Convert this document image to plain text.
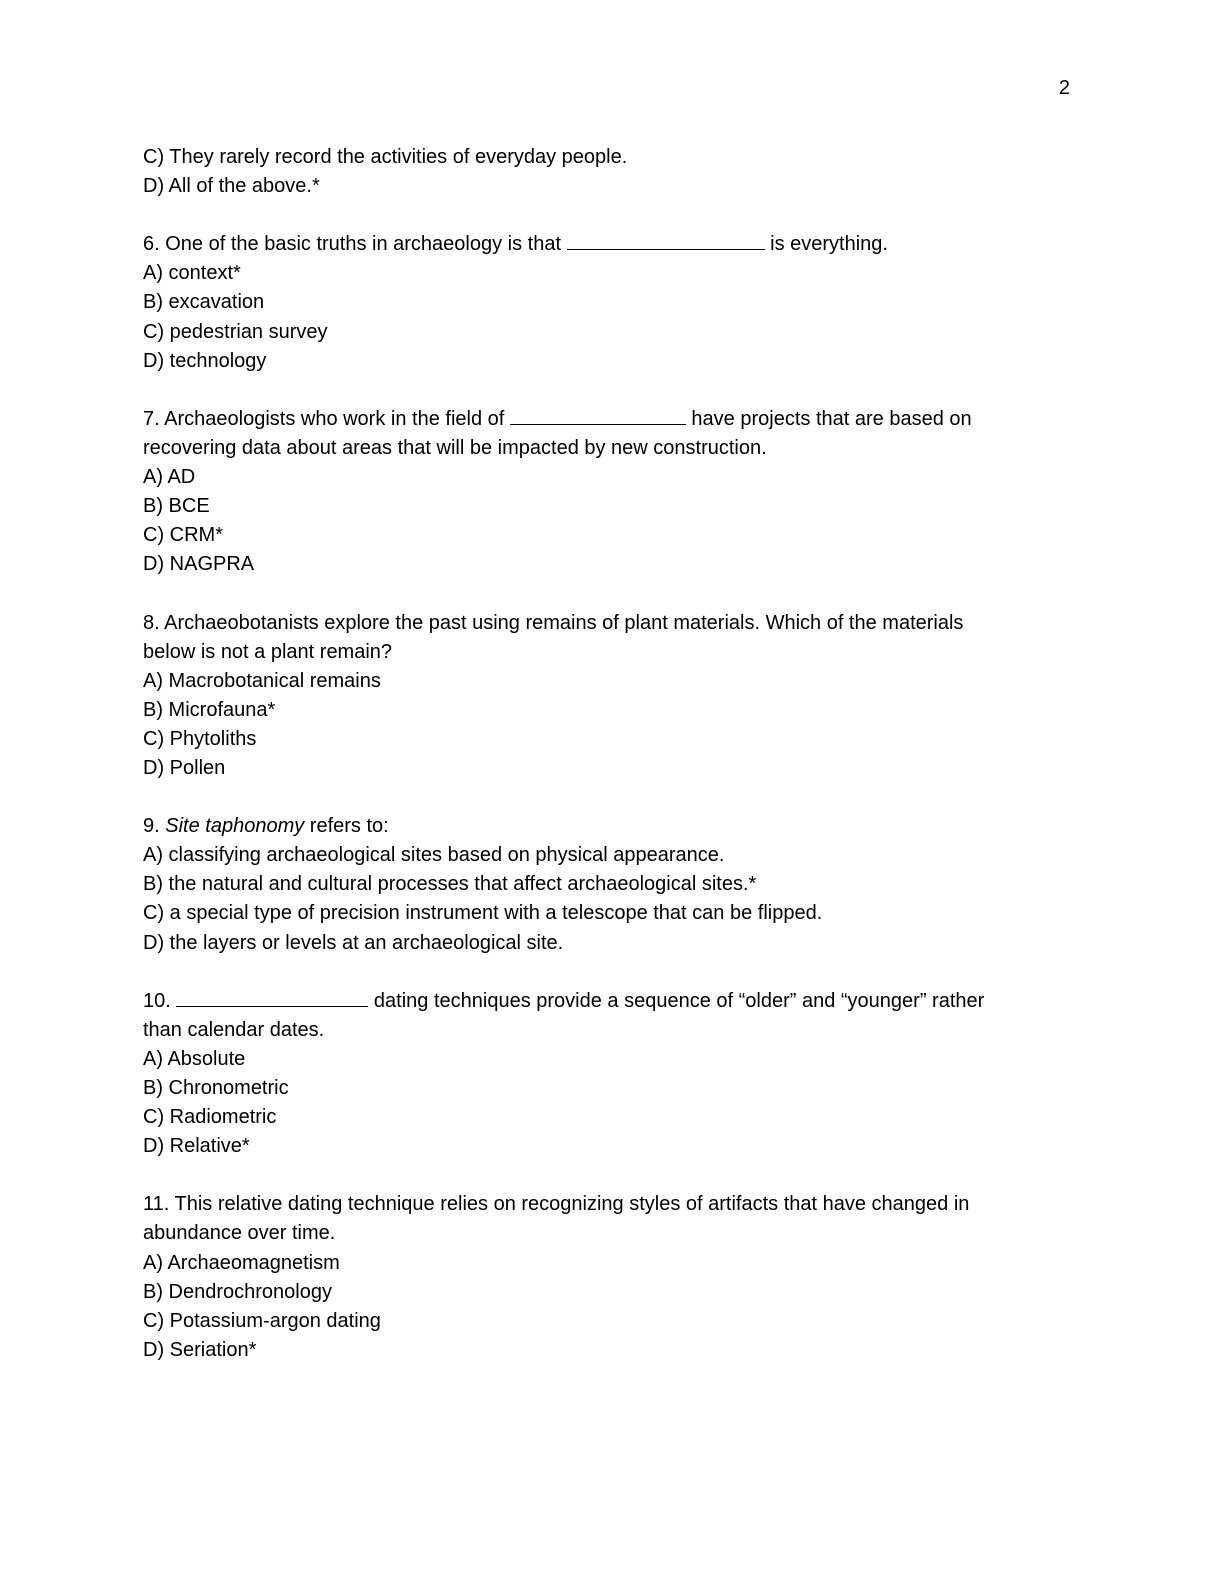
2
C) They rarely record the activities of everyday people.
D) All of the above.*
6. One of the basic truths in archaeology is that	is everything.
A) context*
B) excavation
C) pedestrian survey
D) technology
7. Archaeologists who work in the field of	have projects that are based on
recovering data about areas that will be impacted by new construction.
A) AD
B) BCE
C) CRM*
D) NAGPRA
8. Archaeobotanists explore the past using remains of plant materials. Which of the materials
below is not a plant remain?
A) Macrobotanical remains
B) Microfauna*
C) Phytoliths
D) Pollen
9. Site taphonomy refers to:
A) classifying archaeological sites based on physical appearance.
B) the natural and cultural processes that affect archaeological sites.*
C) a special type of precision instrument with a telescope that can be flipped.
D) the layers or levels at an archaeological site.
10.	dating techniques provide a sequence of “older” and “younger” rather
than calendar dates.
A) Absolute
B) Chronometric
C) Radiometric
D) Relative*
11. This relative dating technique relies on recognizing styles of artifacts that have changed in
abundance over time.
A) Archaeomagnetism
B) Dendrochronology
C) Potassium-argon dating
D) Seriation*
